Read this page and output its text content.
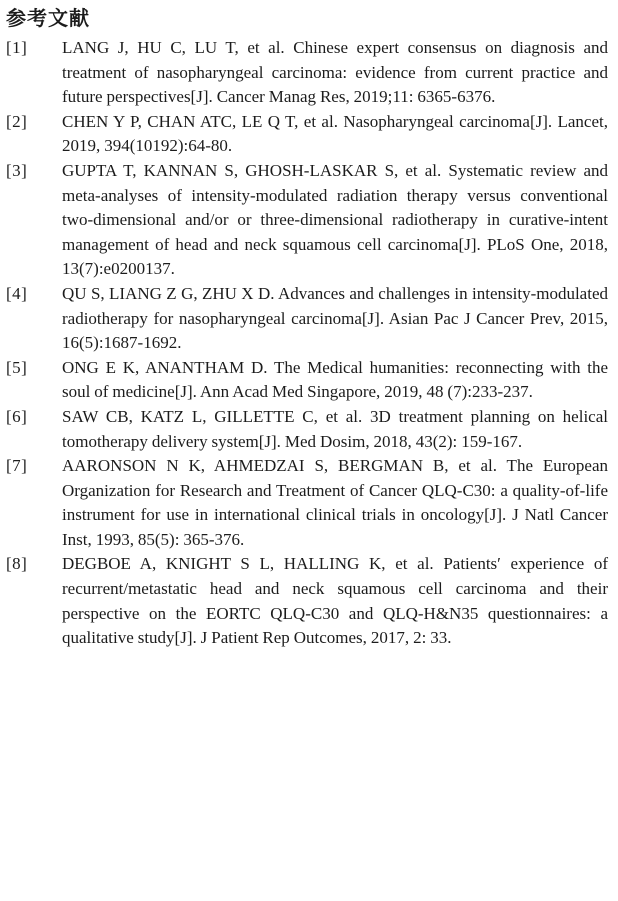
参考文献
[1]	LANG J, HU C, LU T, et al. Chinese expert consensus on diagnosis and treatment of nasopharyngeal carcinoma: evidence from current practice and future perspectives[J]. Cancer Manag Res, 2019;11: 6365-6376.
[2]	CHEN Y P, CHAN ATC, LE Q T, et al. Nasopharyngeal carcinoma[J]. Lancet, 2019, 394(10192):64-80.
[3]	GUPTA T, KANNAN S, GHOSH-LASKAR S, et al. Systematic review and meta-analyses of intensity-modulated radiation therapy versus conventional two-dimensional and/or or three-dimensional radiotherapy in curative-intent management of head and neck squamous cell carcinoma[J]. PLoS One, 2018, 13(7):e0200137.
[4]	QU S, LIANG Z G, ZHU X D. Advances and challenges in intensity-modulated radiotherapy for nasopharyngeal carcinoma[J]. Asian Pac J Cancer Prev, 2015, 16(5):1687-1692.
[5]	ONG E K, ANANTHAM D. The Medical humanities: reconnecting with the soul of medicine[J]. Ann Acad Med Singapore, 2019, 48 (7):233-237.
[6]	SAW CB, KATZ L, GILLETTE C, et al. 3D treatment planning on helical tomotherapy delivery system[J]. Med Dosim, 2018, 43(2): 159-167.
[7]	AARONSON N K, AHMEDZAI S, BERGMAN B, et al. The European Organization for Research and Treatment of Cancer QLQ-C30: a quality-of-life instrument for use in international clinical trials in oncology[J]. J Natl Cancer Inst, 1993, 85(5): 365-376.
[8]	DEGBOE A, KNIGHT S L, HALLING K, et al. Patients′ experience of recurrent/metastatic head and neck squamous cell carcinoma and their perspective on the EORTC QLQ-C30 and QLQ-H&N35 questionnaires: a qualitative study[J]. J Patient Rep Outcomes, 2017, 2: 33.
